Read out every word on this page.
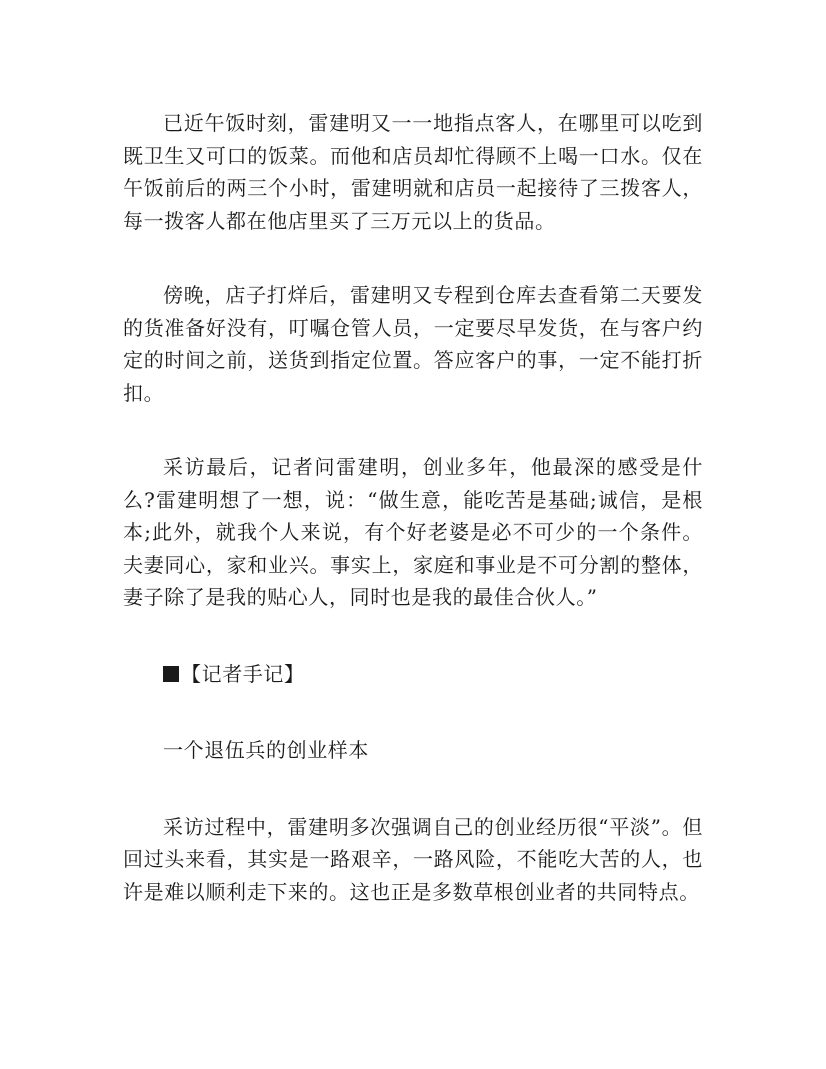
已近午饭时刻，雷建明又一一地指点客人，在哪里可以吃到既卫生又可口的饭菜。而他和店员却忙得顾不上喝一口水。仅在午饭前后的两三个小时，雷建明就和店员一起接待了三拨客人，每一拨客人都在他店里买了三万元以上的货品。

傍晚，店子打烊后，雷建明又专程到仓库去查看第二天要发的货准备好没有，叮嘱仓管人员，一定要尽早发货，在与客户约定的时间之前，送货到指定位置。答应客户的事，一定不能打折扣。

采访最后，记者问雷建明，创业多年，他最深的感受是什么?雷建明想了一想，说：“做生意，能吃苦是基础;诚信，是根本;此外，就我个人来说，有个好老婆是必不可少的一个条件。夫妻同心，家和业兴。事实上，家庭和事业是不可分割的整体，妻子除了是我的贴心人，同时也是我的最佳合伙人。”

【记者手记】

一个退伍兵的创业样本

采访过程中，雷建明多次强调自己的创业经历很“平淡”。但回过头来看，其实是一路艰辛，一路风险，不能吃大苦的人，也许是难以顺利走下来的。这也正是多数草根创业者的共同特点。
